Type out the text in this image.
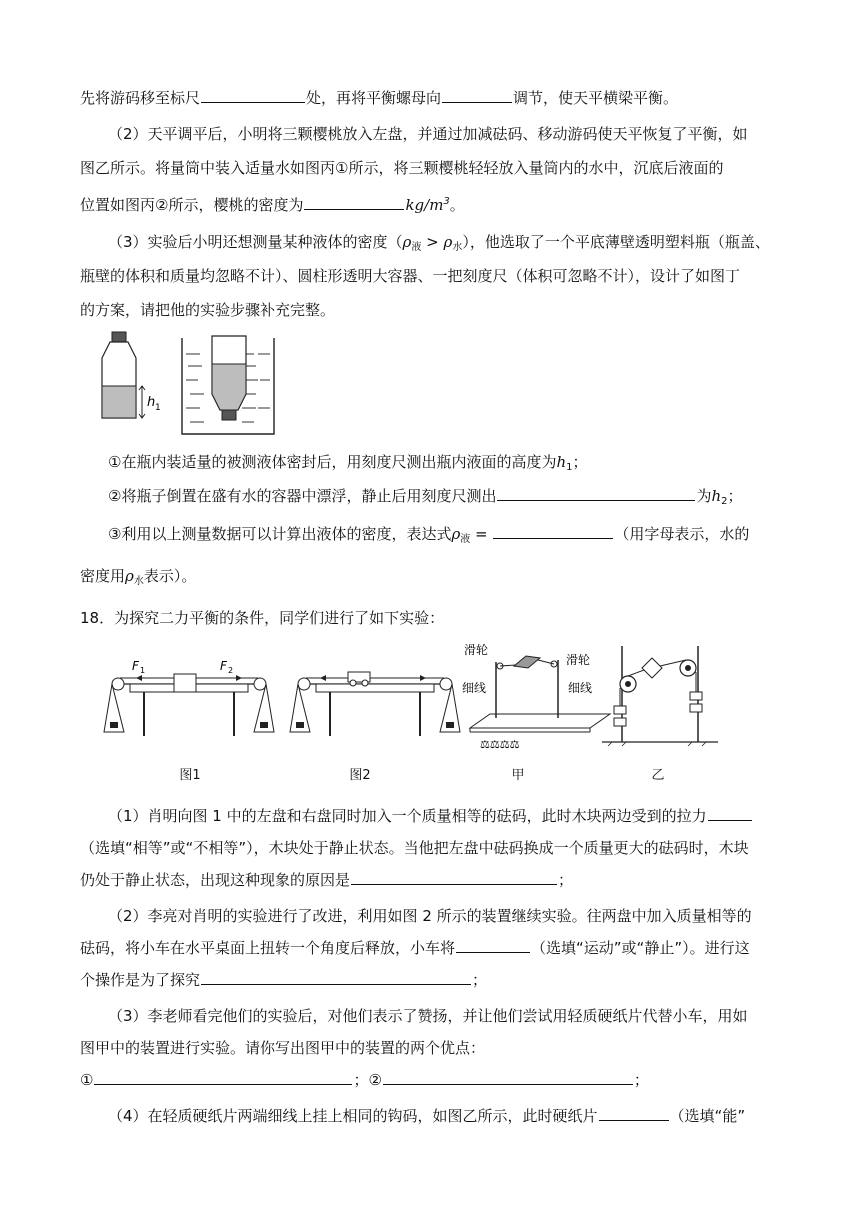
先将游码移至标尺	处，再将平衡螺母向	调节，使天平横梁平衡。
（2）天平调平后，小明将三颗樱桃放入左盘，并通过加减砝码、移动游码使天平恢复了平衡，如
图乙所示。将量筒中装入适量水如图丙①所示，将三颗樱桃轻轻放入量筒内的水中，沉底后液面的
位置如图丙②所示，樱桃的密度为	$kg/m^3$。
（3）实验后小明还想测量某种液体的密度$(\rho_液 > \rho_水)$，他选取了一个平底薄壁透明塑料瓶（瓶盖、
瓶壁的体积和质量均忽略不计）、圆柱形透明大容器、一把刻度尺（体积可忽略不计），设计了如图丁
的方案，请把他的实验步骤补充完整。
h 1
①在瓶内装适量的被测液体密封后，用刻度尺测出瓶内液面的高度为$h_1$；
②将瓶子倒置在盛有水的容器中漂浮，静止后用刻度尺测出	为$h_2$；
③利用以上测量数据可以计算出液体的密度，表达式$\rho_液$ =	（用字母表示，水的
密度用$\rho_水$表示）。
18．为探究二力平衡的条件，同学们进行了如下实验：
F 1	F 2
图1	图2
滑轮
滑轮
细线	细线
⚖⚖⚖⚖
甲	乙
（1）肖明向图 1 中的左盘和右盘同时加入一个质量相等的砝码，此时木块两边受到的拉力
（选填“相等”或“不相等”），木块处于静止状态。当他把左盘中砝码换成一个质量更大的砝码时，木块
仍处于静止状态，出现这种现象的原因是	；
（2）李亮对肖明的实验进行了改进，利用如图 2 所示的装置继续实验。往两盘中加入质量相等的
砝码，将小车在水平桌面上扭转一个角度后释放，小车将	（选填“运动”或“静止”）。进行这
个操作是为了探究	；
（3）李老师看完他们的实验后，对他们表示了赞扬，并让他们尝试用轻质硬纸片代替小车，用如
图甲中的装置进行实验。请你写出图甲中的装置的两个优点：
①	；②	；
（4）在轻质硬纸片两端细线上挂上相同的钩码，如图乙所示，此时硬纸片	（选填“能”
